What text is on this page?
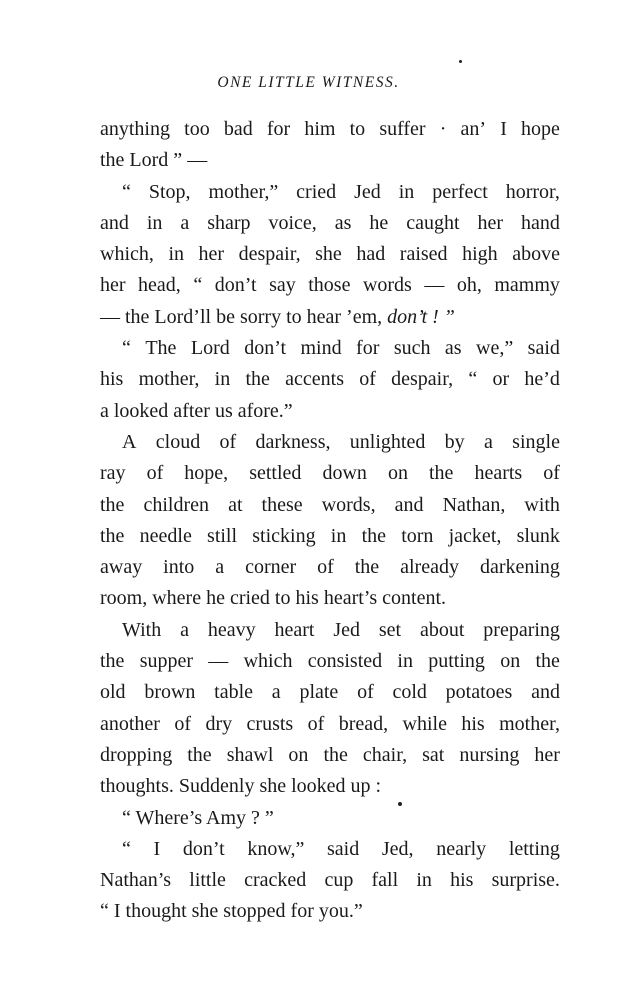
ONE LITTLE WITNESS.
anything too bad for him to suffer · an’ I hope
the Lord ” —
“ Stop, mother,” cried Jed in perfect horror,
and in a sharp voice, as he caught her hand
which, in her despair, she had raised high above
her head, “ don’t say those words — oh, mammy
— the Lord’ll be sorry to hear ’em, don’t ! ”
“ The Lord don’t mind for such as we,” said
his mother, in the accents of despair, “ or he’d
a looked after us afore.”
A cloud of darkness, unlighted by a single
ray of hope, settled down on the hearts of
the children at these words, and Nathan, with
the needle still sticking in the torn jacket, slunk
away into a corner of the already darkening
room, where he cried to his heart’s content.
With a heavy heart Jed set about preparing
the supper — which consisted in putting on the
old brown table a plate of cold potatoes and
another of dry crusts of bread, while his mother,
dropping the shawl on the chair, sat nursing her
thoughts. Suddenly she looked up :
“ Where’s Amy ? ”
“ I don’t know,” said Jed, nearly letting
Nathan’s little cracked cup fall in his surprise.
“ I thought she stopped for you.”
